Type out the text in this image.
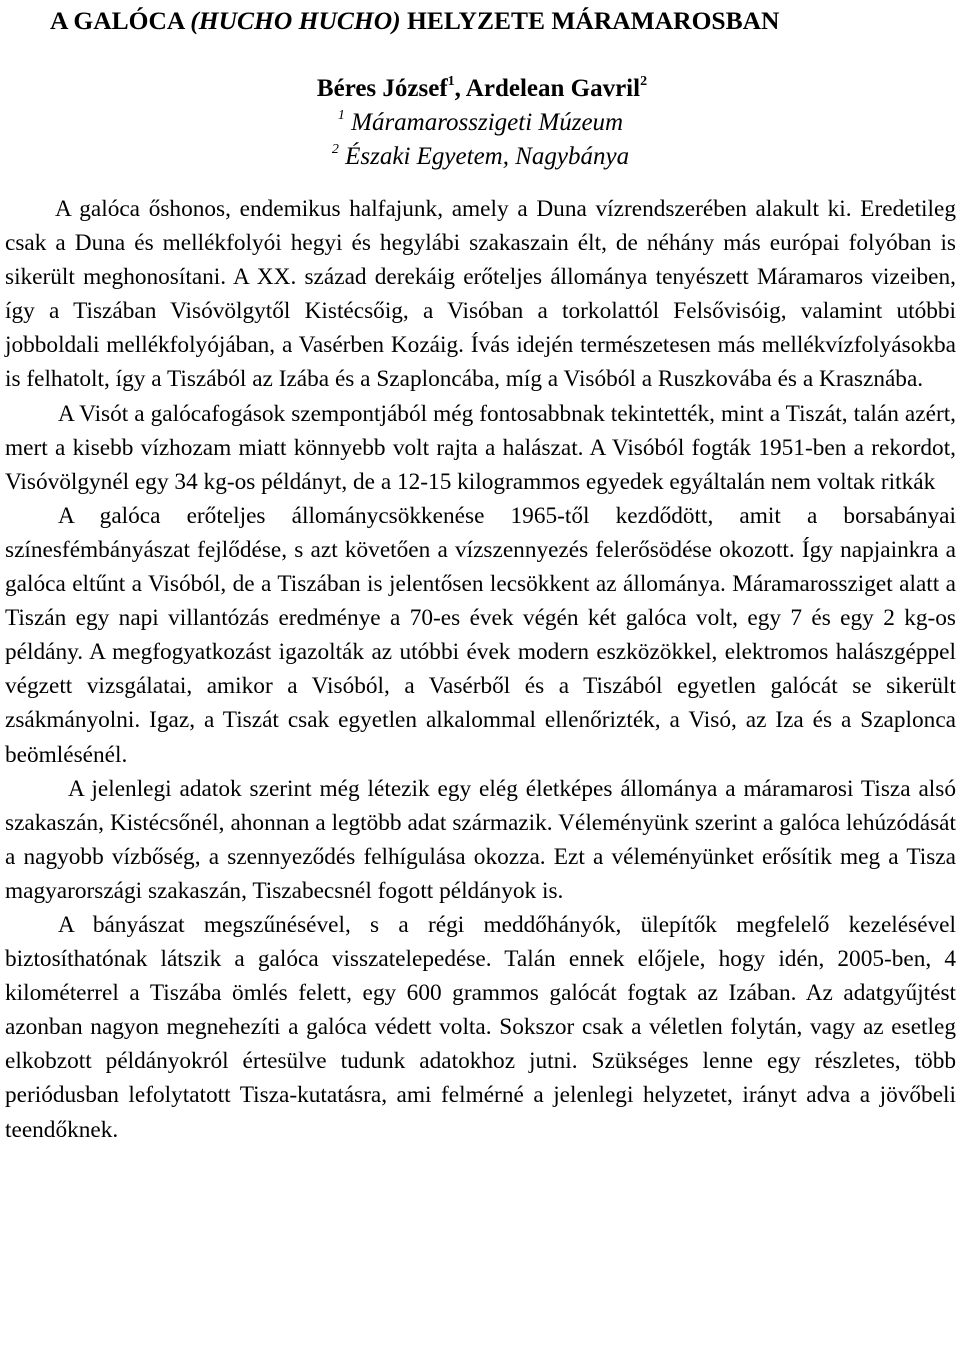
A GALÓCA (HUCHO HUCHO) HELYZETE MÁRAMAROSBAN
Béres József$^1$, Ardelean Gavril$^2$
$^1$ Máramarosszigeti Múzeum
$^2$ Északi Egyetem, Nagybánya

A galóca őshonos, endemikus halfajunk, amely a Duna vízrendszerében alakult ki. Eredetileg csak a Duna és mellékfolyói hegyi és hegylábi szakaszain élt, de néhány más európai folyóban is sikerült meghonosítani. A XX. század derekáig erőteljes állománya tenyészett Máramaros vizeiben, így a Tiszában Visóvölgytől Kistécsőig, a Visóban a torkolattól Felsővisóig, valamint utóbbi jobboldali mellékfolyójában, a Vasérben Kozáig. Ívás idején természetesen más mellékvízfolyásokba is felhatolt, így a Tiszából az Izába és a Szaploncába, míg a Visóból a Ruszkovába és a Krasznába.

A Visót a galócafogások szempontjából még fontosabbnak tekintették, mint a Tiszát, talán azért, mert a kisebb vízhozam miatt könnyebb volt rajta a halászat. A Visóból fogták 1951-ben a rekordot, Visóvölgynél egy 34 kg-os példányt, de a 12-15 kilogrammos egyedek egyáltalán nem voltak ritkák

A galóca erőteljes állománycsökkenése 1965-től kezdődött, amit a borsabányai színesfémbányászat fejlődése, s azt követően a vízszennyezés felerősödése okozott. Így napjainkra a galóca eltűnt a Visóból, de a Tiszában is jelentősen lecsökkent az állománya. Máramarossziget alatt a Tiszán egy napi villantózás eredménye a 70-es évek végén két galóca volt, egy 7 és egy 2 kg-os példány. A megfogyatkozást igazolták az utóbbi évek modern eszközökkel, elektromos halászgéppel végzett vizsgálatai, amikor a Visóból, a Vasérből és a Tiszából egyetlen galócát se sikerült zsákmányolni. Igaz, a Tiszát csak egyetlen alkalommal ellenőrizték, a Visó, az Iza és a Szaplonca beömlésénél.

A jelenlegi adatok szerint még létezik egy elég életképes állománya a máramarosi Tisza alsó szakaszán, Kistécsőnél, ahonnan a legtöbb adat származik. Véleményünk szerint a galóca lehúzódását a nagyobb vízbőség, a szennyeződés felhígulása okozza. Ezt a véleményünket erősítik meg a Tisza magyarországi szakaszán, Tiszabecsnél fogott példányok is.

A bányászat megszűnésével, s a régi meddőhányók, ülepítők megfelelő kezelésével biztosíthatónak látszik a galóca visszatelepedése. Talán ennek előjele, hogy idén, 2005-ben, 4 kilométerrel a Tiszába ömlés felett, egy 600 grammos galócát fogtak az Izában. Az adatgyűjtést azonban nagyon megnehezíti a galóca védett volta. Sokszor csak a véletlen folytán, vagy az esetleg elkobzott példányokról értesülve tudunk adatokhoz jutni. Szükséges lenne egy részletes, több periódusban lefolytatott Tisza-kutatásra, ami felmérné a jelenlegi helyzetet, irányt adva a jövőbeli teendőknek.
